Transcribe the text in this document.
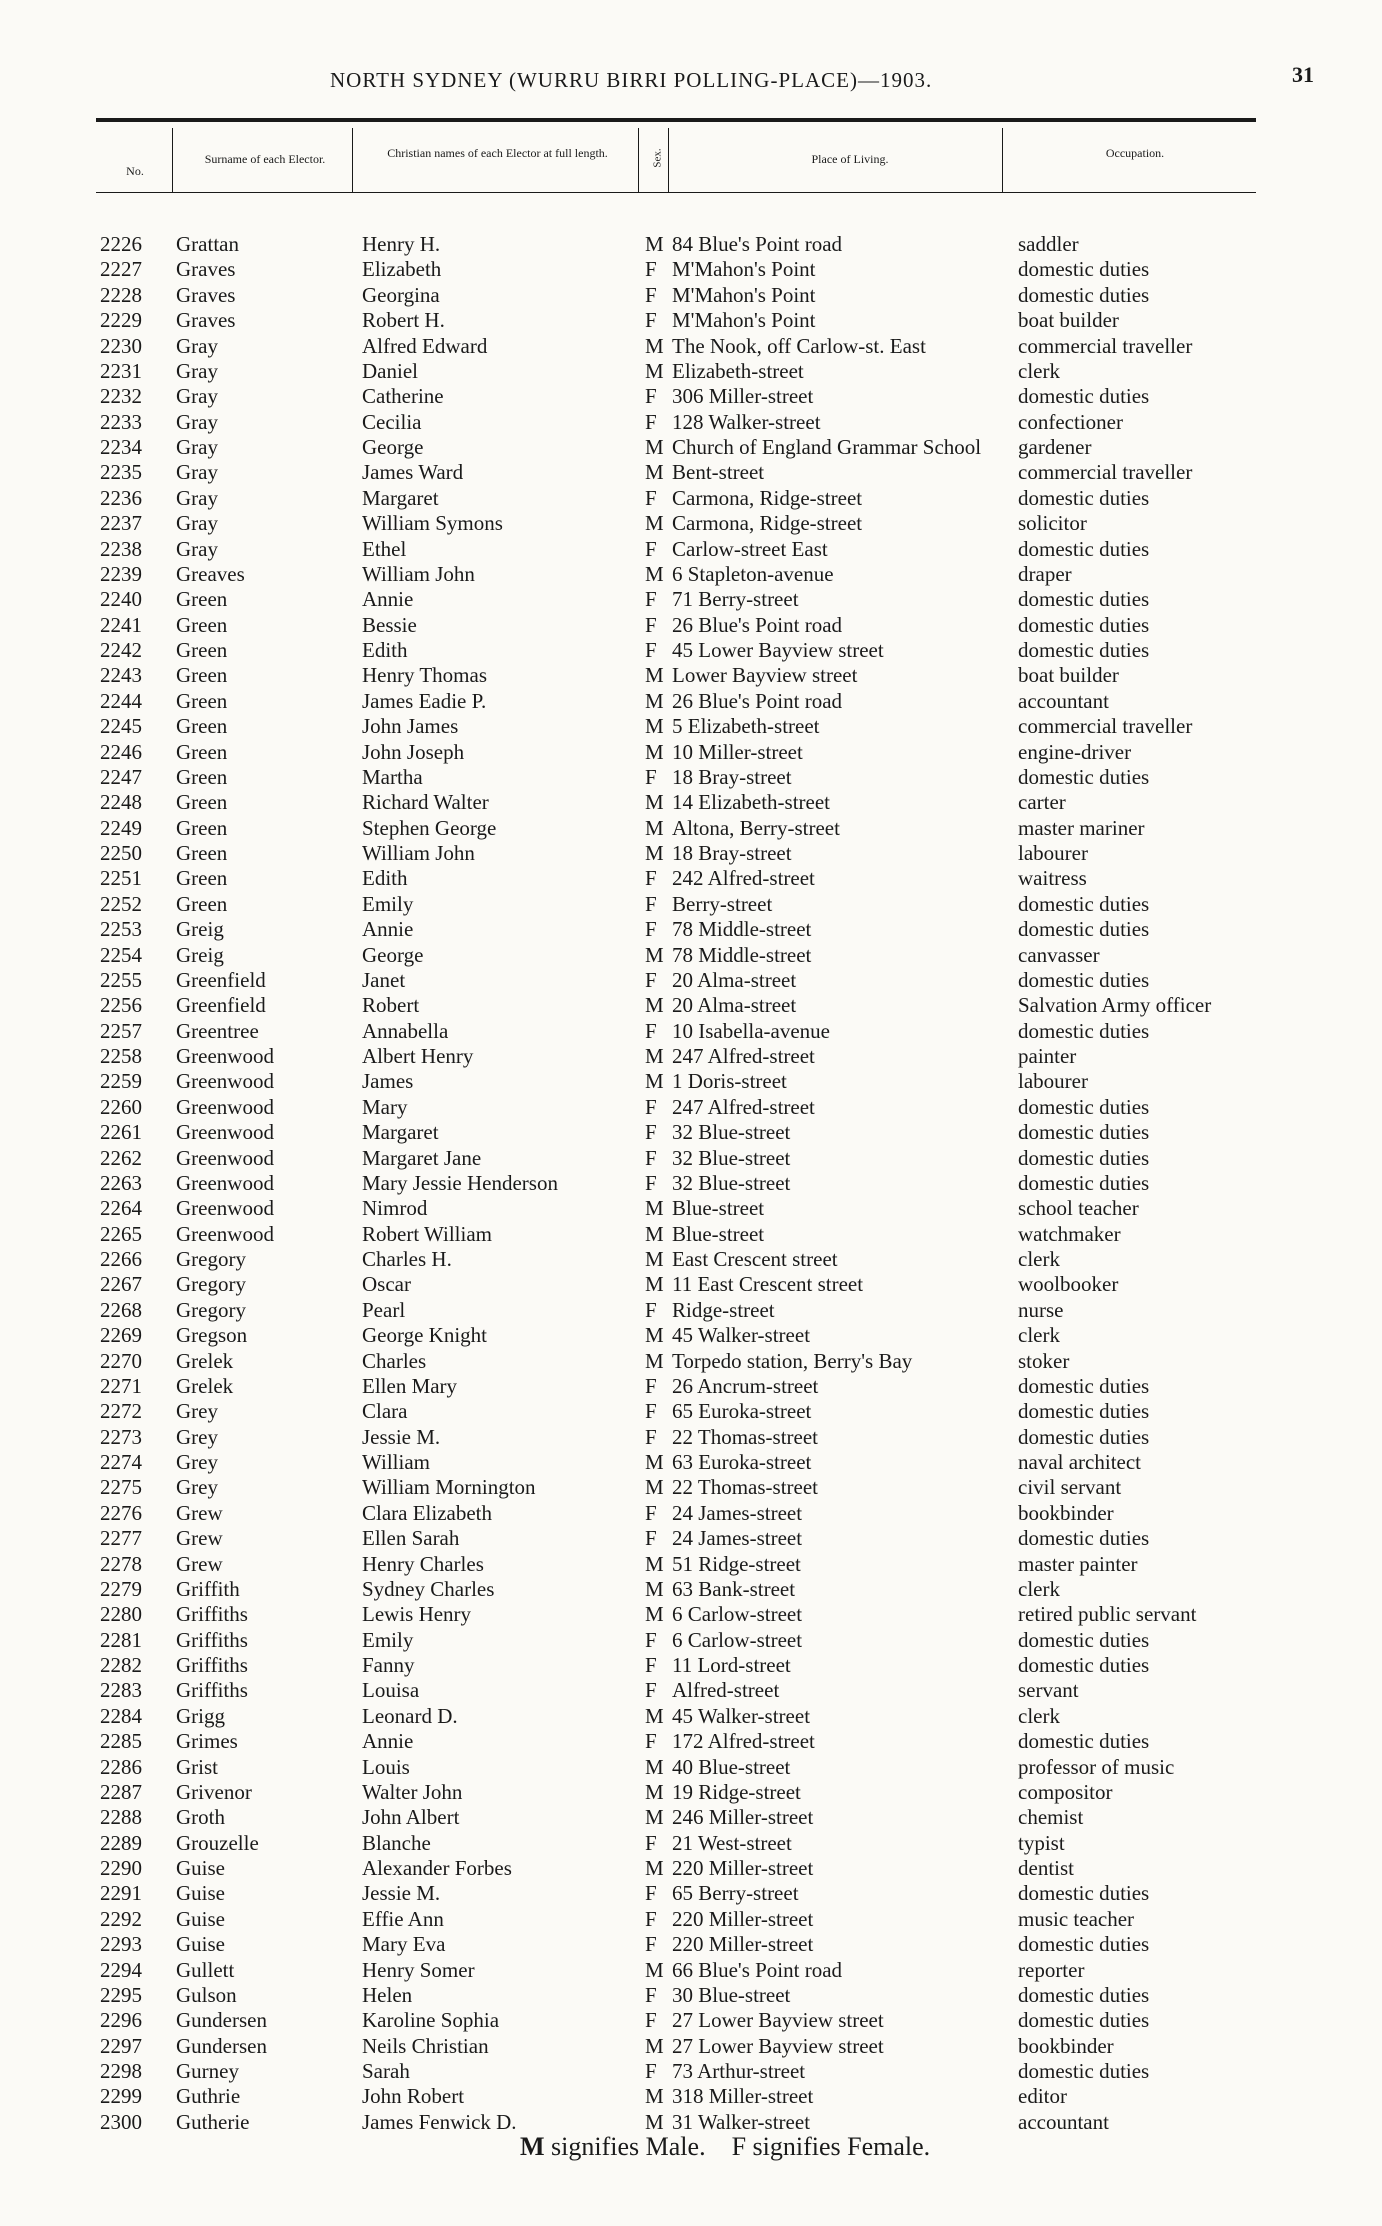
NORTH SYDNEY (WURRU BIRRI POLLING-PLACE)—1903.	31
No.
Surname of each Elector.	Christian names of each Elector at full length.	Sex.	Place of Living.	Occupation.
2226	Grattan	Henry H.	M 84 Blue's Point road	saddler
2227	Graves	Elizabeth	F M'Mahon's Point	domestic duties
2228	Graves	Georgina	F M'Mahon's Point	domestic duties
2229	Graves	Robert H.	F M'Mahon's Point	boat builder
2230	Gray	Alfred Edward	M The Nook, off Carlow-st. East	commercial traveller
2231	Gray	Daniel	M Elizabeth-street	clerk
2232	Gray	Catherine	F 306 Miller-street	domestic duties
2233	Gray	Cecilia	F 128 Walker-street	confectioner
2234	Gray	George	M Church of England Grammar School	gardener
2235	Gray	James Ward	M Bent-street	commercial traveller
2236	Gray	Margaret	F Carmona, Ridge-street	domestic duties
2237	Gray	William Symons	M Carmona, Ridge-street	solicitor
2238	Gray	Ethel	F Carlow-street East	domestic duties
2239	Greaves	William John	M 6 Stapleton-avenue	draper
2240	Green	Annie	F 71 Berry-street	domestic duties
2241	Green	Bessie	F 26 Blue's Point road	domestic duties
2242	Green	Edith	F 45 Lower Bayview street	domestic duties
2243	Green	Henry Thomas	M Lower Bayview street	boat builder
2244	Green	James Eadie P.	M 26 Blue's Point road	accountant
2245	Green	John James	M 5 Elizabeth-street	commercial traveller
2246	Green	John Joseph	M 10 Miller-street	engine-driver
2247	Green	Martha	F 18 Bray-street	domestic duties
2248	Green	Richard Walter	M 14 Elizabeth-street	carter
2249	Green	Stephen George	M Altona, Berry-street	master mariner
2250	Green	William John	M 18 Bray-street	labourer
2251	Green	Edith	F 242 Alfred-street	waitress
2252	Green	Emily	F Berry-street	domestic duties
2253	Greig	Annie	F 78 Middle-street	domestic duties
2254	Greig	George	M 78 Middle-street	canvasser
2255	Greenfield	Janet	F 20 Alma-street	domestic duties
2256	Greenfield	Robert	M 20 Alma-street	Salvation Army officer
2257	Greentree	Annabella	F 10 Isabella-avenue	domestic duties
2258	Greenwood	Albert Henry	M 247 Alfred-street	painter
2259	Greenwood	James	M 1 Doris-street	labourer
2260	Greenwood	Mary	F 247 Alfred-street	domestic duties
2261	Greenwood	Margaret	F 32 Blue-street	domestic duties
2262	Greenwood	Margaret Jane	F 32 Blue-street	domestic duties
2263	Greenwood	Mary Jessie Henderson	F 32 Blue-street	domestic duties
2264	Greenwood	Nimrod	M Blue-street	school teacher
2265	Greenwood	Robert William	M Blue-street	watchmaker
2266	Gregory	Charles H.	M East Crescent street	clerk
2267	Gregory	Oscar	M 11 East Crescent street	woolbooker
2268	Gregory	Pearl	F Ridge-street	nurse
2269	Gregson	George Knight	M 45 Walker-street	clerk
2270	Grelek	Charles	M Torpedo station, Berry's Bay	stoker
2271	Grelek	Ellen Mary	F 26 Ancrum-street	domestic duties
2272	Grey	Clara	F 65 Euroka-street	domestic duties
2273	Grey	Jessie M.	F 22 Thomas-street	domestic duties
2274	Grey	William	M 63 Euroka-street	naval architect
2275	Grey	William Mornington	M 22 Thomas-street	civil servant
2276	Grew	Clara Elizabeth	F 24 James-street	bookbinder
2277	Grew	Ellen Sarah	F 24 James-street	domestic duties
2278	Grew	Henry Charles	M 51 Ridge-street	master painter
2279	Griffith	Sydney Charles	M 63 Bank-street	clerk
2280	Griffiths	Lewis Henry	M 6 Carlow-street	retired public servant
2281	Griffiths	Emily	F 6 Carlow-street	domestic duties
2282	Griffiths	Fanny	F 11 Lord-street	domestic duties
2283	Griffiths	Louisa	F Alfred-street	servant
2284	Grigg	Leonard D.	M 45 Walker-street	clerk
2285	Grimes	Annie	F 172 Alfred-street	domestic duties
2286	Grist	Louis	M 40 Blue-street	professor of music
2287	Grivenor	Walter John	M 19 Ridge-street	compositor
2288	Groth	John Albert	M 246 Miller-street	chemist
2289	Grouzelle	Blanche	F 21 West-street	typist
2290	Guise	Alexander Forbes	M 220 Miller-street	dentist
2291	Guise	Jessie M.	F 65 Berry-street	domestic duties
2292	Guise	Effie Ann	F 220 Miller-street	music teacher
2293	Guise	Mary Eva	F 220 Miller-street	domestic duties
2294	Gullett	Henry Somer	M 66 Blue's Point road	reporter
2295	Gulson	Helen	F 30 Blue-street	domestic duties
2296	Gundersen	Karoline Sophia	F 27 Lower Bayview street	domestic duties
2297	Gundersen	Neils Christian	M 27 Lower Bayview street	bookbinder
2298	Gurney	Sarah	F 73 Arthur-street	domestic duties
2299	Guthrie	John Robert	M 318 Miller-street	editor
2300	Gutherie	James Fenwick D.	M 31 Walker-street	accountant
M signifies Male. F signifies Female.
